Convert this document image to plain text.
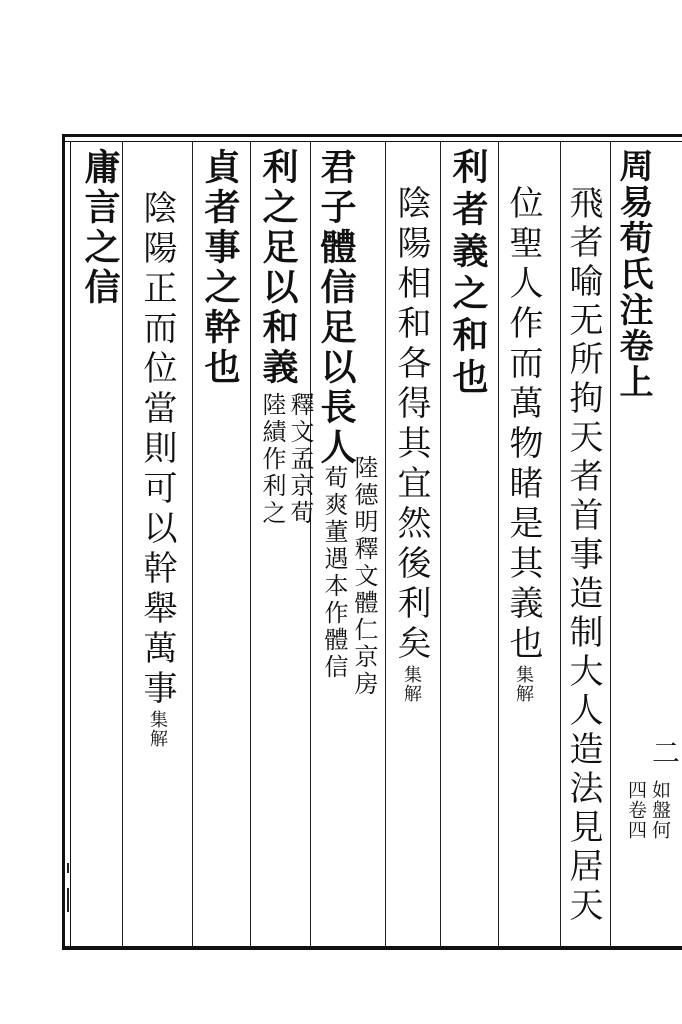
周易荀氏注卷上
二
如盤何
四卷四
飛者喻无所拘天者首事造制大人造法見居天
位聖人作而萬物睹是其義也集解
利者義之和也
陰陽相和各得其宜然後利矣集解
君子體信足以長人
陸德明釋文體仁京房
荀爽董遇本作體信
利之足以和義
釋文孟京荀
陸績作利之
貞者事之幹也
陰陽正而位當則可以幹舉萬事集解
庸言之信
